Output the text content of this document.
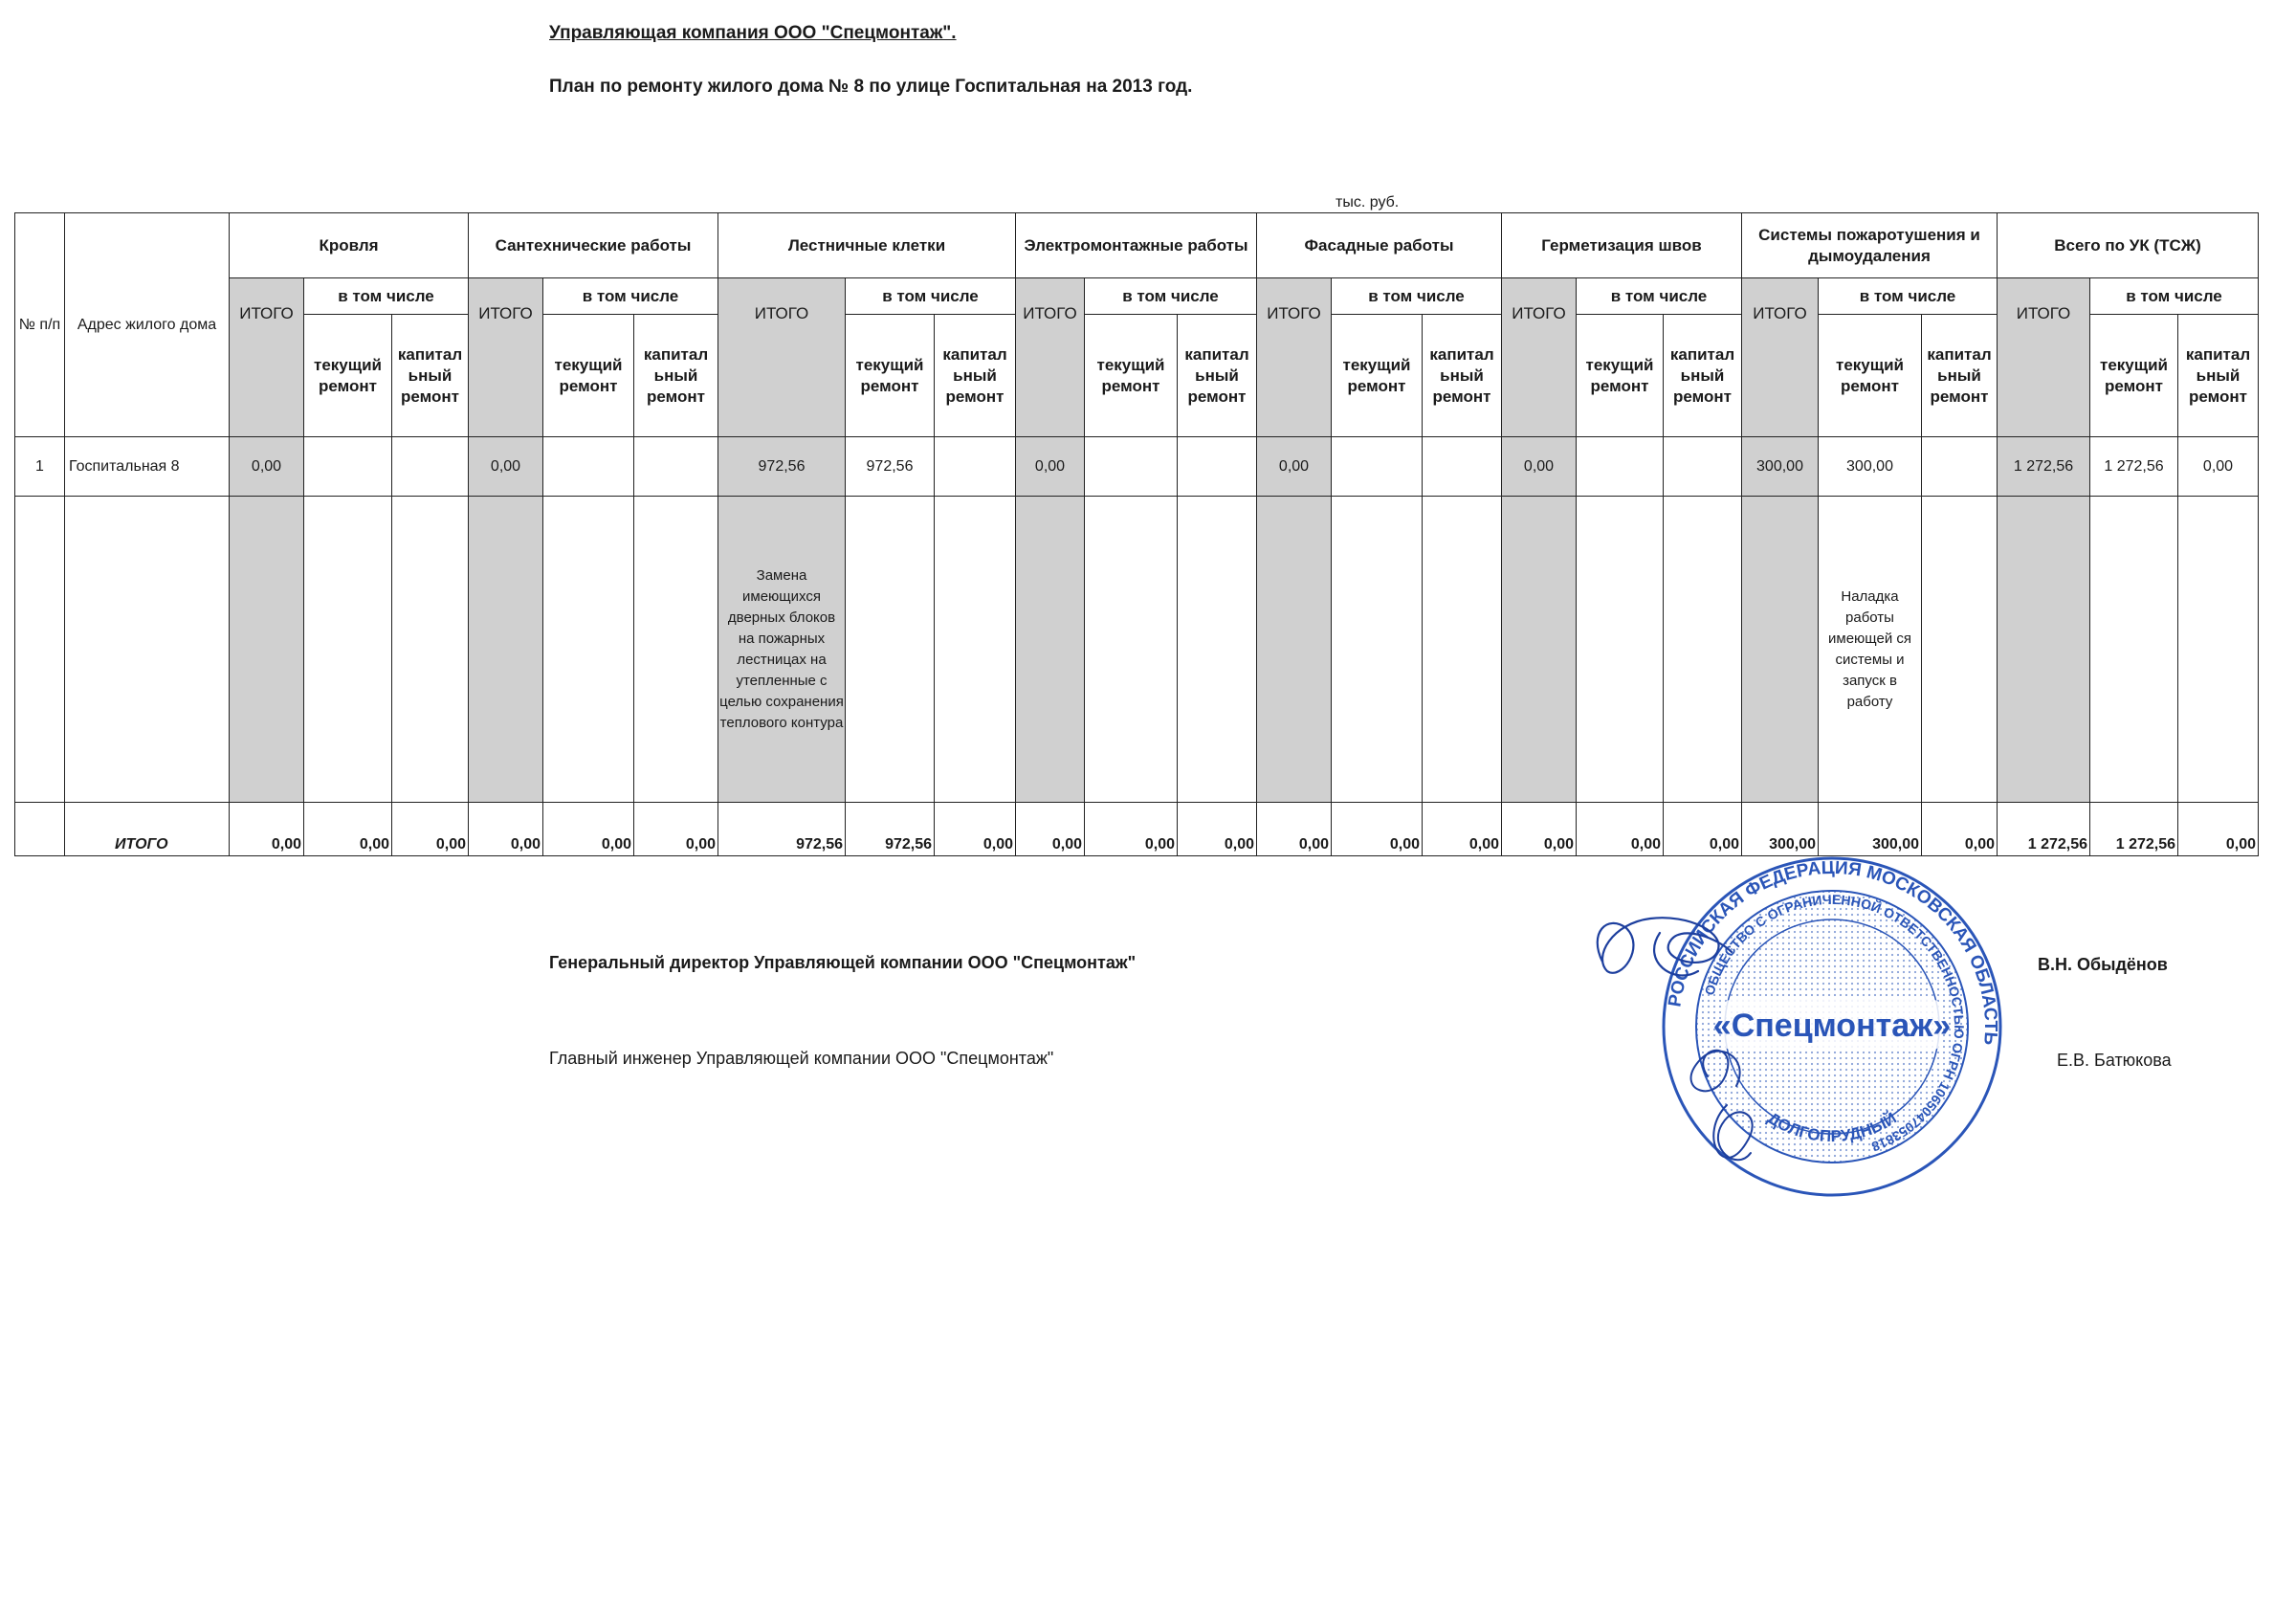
Управляющая компания ООО "Спецмонтаж".
План по ремонту жилого дома № 8 по улице Госпитальная на 2013 год.
тыс. руб.
№ п/п	Адрес жилого дома	Кровля			Сантехнические работы			Лестничные клетки			Электромонтажные работы			Фасадные работы			Герметизация швов			Системы пожаротушения и дымоудаления			Всего по УК (ТСЖ)		
		ИТОГО	в том числе		ИТОГО	в том числе		ИТОГО	в том числе		ИТОГО	в том числе		ИТОГО	в том числе		ИТОГО	в том числе		ИТОГО	в том числе		ИТОГО	в том числе	
			текущий ремонт	капитал ьный ремонт		текущий ремонт	капитал ьный ремонт		текущий ремонт	капитал ьный ремонт		текущий ремонт	капитал ьный ремонт		текущий ремонт	капитал ьный ремонт		текущий ремонт	капитал ьный ремонт		текущий ремонт	капитал ьный ремонт		текущий ремонт	капитал ьный ремонт
1	Госпитальная 8	0,00			0,00			972,56	972,56		0,00			0,00			0,00			300,00	300,00		1 272,56	1 272,56	0,00
								Замена имеющихся дверных блоков на пожарных лестницах на утепленные с целью сохранения теплового контура													Наладка работы имеющей ся системы и запуск в работу				
	ИТОГО	0,00	0,00	0,00	0,00	0,00	0,00	972,56	972,56	0,00	0,00	0,00	0,00	0,00	0,00	0,00	0,00	0,00	0,00	300,00	300,00	0,00	1 272,56	1 272,56	0,00
Генеральный директор Управляющей компании ООО "Спецмонтаж"	В.Н. Обыдёнов
Главный инженер Управляющей компании ООО "Спецмонтаж"	Е.В. Батюкова
РОССИЙСКАЯ ФЕДЕРАЦИЯ МОСКОВСКАЯ ОБЛАСТЬ
ОБЩЕСТВО С ОГРАНИЧЕННОЙ ОТВЕТСТВЕННОСТЬЮ ОГРН 1065047053818
ДОЛГОПРУДНЫЙ
«Спецмонтаж»
